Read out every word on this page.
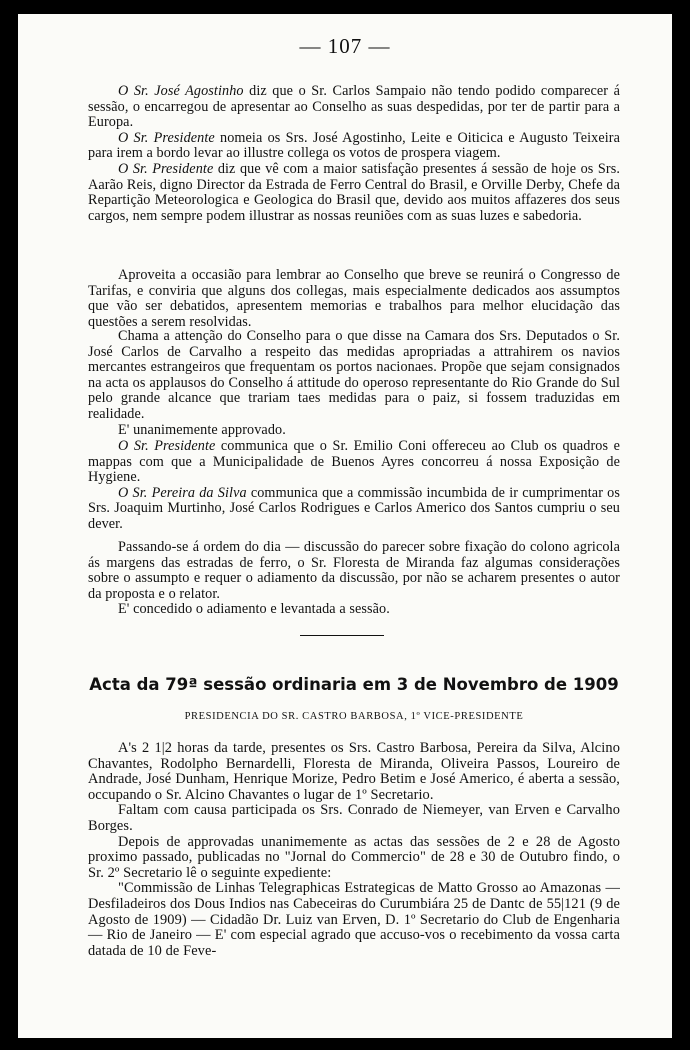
— 107 —

O Sr. José Agostinho diz que o Sr. Carlos Sampaio não tendo podido comparecer á sessão, o encarregou de apresentar ao Conselho as suas despedidas, por ter de partir para a Europa.

O Sr. Presidente nomeia os Srs. José Agostinho, Leite e Oiticica e Augusto Teixeira para irem a bordo levar ao illustre collega os votos de prospera viagem.

O Sr. Presidente diz que vê com a maior satisfação presentes á sessão de hoje os Srs. Aarão Reis, digno Director da Estrada de Ferro Central do Brasil, e Orville Derby, Chefe da Repartição Meteorologica e Geologica do Brasil que, devido aos muitos affazeres dos seus cargos, nem sempre podem illustrar as nossas reuniões com as suas luzes e sabedoria.

Aproveita a occasião para lembrar ao Conselho que breve se reunirá o Congresso de Tarifas, e conviria que alguns dos collegas, mais especialmente dedicados aos assumptos que vão ser debatidos, apresentem memorias e trabalhos para melhor elucidação das questões a serem resolvidas.

Chama a attenção do Conselho para o que disse na Camara dos Srs. Deputados o Sr. José Carlos de Carvalho a respeito das medidas apropriadas a attrahirem os navios mercantes estrangeiros que frequentam os portos nacionaes. Propõe que sejam consignados na acta os applausos do Conselho á attitude do operoso representante do Rio Grande do Sul pelo grande alcance que trariam taes medidas para o paiz, si fossem traduzidas em realidade.

E' unanimemente approvado.

O Sr. Presidente communica que o Sr. Emilio Coni offereceu ao Club os quadros e mappas com que a Municipalidade de Buenos Ayres concorreu á nossa Exposição de Hygiene.

O Sr. Pereira da Silva communica que a commissão incumbida de ir cumprimentar os Srs. Joaquim Murtinho, José Carlos Rodrigues e Carlos Americo dos Santos cumpriu o seu dever.

Passando-se á ordem do dia — discussão do parecer sobre fixação do colono agricola ás margens das estradas de ferro, o Sr. Floresta de Miranda faz algumas considerações sobre o assumpto e requer o adiamento da discussão, por não se acharem presentes o autor da proposta e o relator.

E' concedido o adiamento e levantada a sessão.

Acta da 79ª sessão ordinaria em 3 de Novembro de 1909
PRESIDENCIA DO SR. CASTRO BARBOSA, 1º VICE-PRESIDENTE

A's 2 1|2 horas da tarde, presentes os Srs. Castro Barbosa, Pereira da Silva, Alcino Chavantes, Rodolpho Bernardelli, Floresta de Miranda, Oliveira Passos, Loureiro de Andrade, José Dunham, Henrique Morize, Pedro Betim e José Americo, é aberta a sessão, occupando o Sr. Alcino Chavantes o lugar de 1º Secretario.

Faltam com causa participada os Srs. Conrado de Niemeyer, van Erven e Carvalho Borges.

Depois de approvadas unanimemente as actas das sessões de 2 e 28 de Agosto proximo passado, publicadas no "Jornal do Commercio" de 28 e 30 de Outubro findo, o Sr. 2º Secretario lê o seguinte expediente:

"Commissão de Linhas Telegraphicas Estrategicas de Matto Grosso ao Amazonas — Desfiladeiros dos Dous Indios nas Cabeceiras do Curumbiára 25 de Dantc de 55|121 (9 de Agosto de 1909) — Cidadão Dr. Luiz van Erven, D. 1º Secretario do Club de Engenharia — Rio de Janeiro — E' com especial agrado que accuso-vos o recebimento da vossa carta datada de 10 de Feve-
